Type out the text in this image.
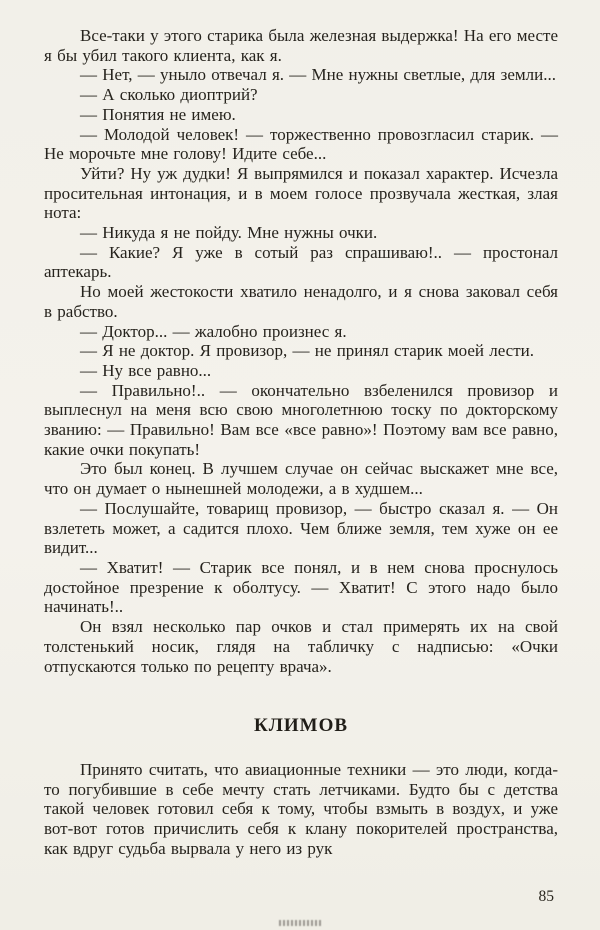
Все-таки у этого старика была железная выдержка! На его месте я бы убил такого клиента, как я.

— Нет, — уныло отвечал я. — Мне нужны светлые, для земли...

— А сколько диоптрий?

— Понятия не имею.

— Молодой человек! — торжественно провозгласил старик. — Не морочьте мне голову! Идите себе...

Уйти? Ну уж дудки! Я выпрямился и показал характер. Исчезла просительная интонация, и в моем голосе прозвучала жесткая, злая нота:

— Никуда я не пойду. Мне нужны очки.

— Какие? Я уже в сотый раз спрашиваю!.. — простонал аптекарь.

Но моей жестокости хватило ненадолго, и я снова заковал себя в рабство.

— Доктор... — жалобно произнес я.

— Я не доктор. Я провизор, — не принял старик моей лести.

— Ну все равно...

— Правильно!.. — окончательно взбеленился провизор и выплеснул на меня всю свою многолетнюю тоску по докторскому званию: — Правильно! Вам все «все равно»! Поэтому вам все равно, какие очки покупать!

Это был конец. В лучшем случае он сейчас выскажет мне все, что он думает о нынешней молодежи, а в худшем...

— Послушайте, товарищ провизор, — быстро сказал я. — Он взлететь может, а садится плохо. Чем ближе земля, тем хуже он ее видит...

— Хватит! — Старик все понял, и в нем снова проснулось достойное презрение к оболтусу. — Хватит! С этого надо было начинать!..

Он взял несколько пар очков и стал примерять их на свой толстенький носик, глядя на табличку с надписью: «Очки отпускаются только по рецепту врача».

КЛИМОВ

Принято считать, что авиационные техники — это люди, когда-то погубившие в себе мечту стать летчиками. Будто бы с детства такой человек готовил себя к тому, чтобы взмыть в воздух, и уже вот-вот готов причислить себя к клану покорителей пространства, как вдруг судьба вырвала у него из рук

85
